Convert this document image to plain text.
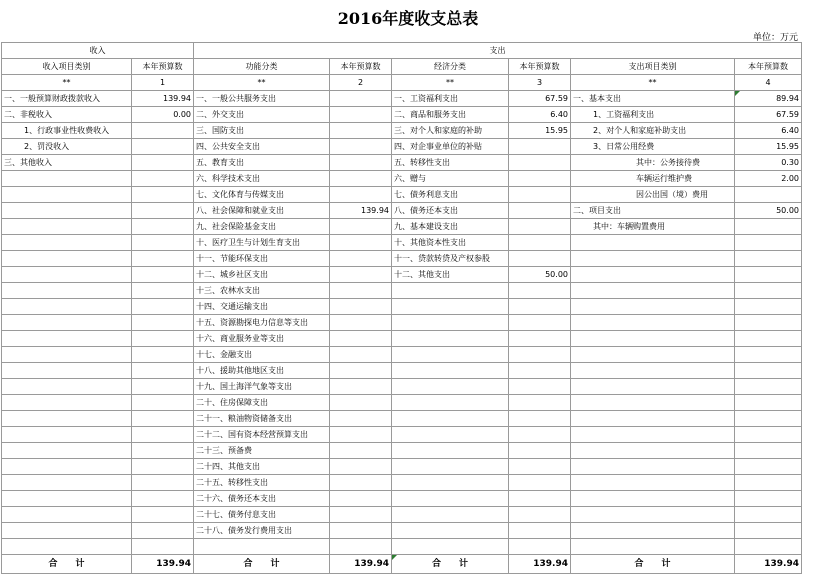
2016年度收支总表
单位：万元
收入		支出					
收入项目类别	本年预算数	功能分类	本年预算数	经济分类	本年预算数	支出项目类别	本年预算数
**	1	**	2	**	3	**	4
一、一般预算财政拨款收入	139.94	一、一般公共服务支出		一、工资福利支出	67.59	一、基本支出	89.94
二、非税收入	0.00	二、外交支出		二、商品和服务支出	6.40	1、工资福利支出	67.59
1、行政事业性收费收入		三、国防支出		三、对个人和家庭的补助	15.95	2、对个人和家庭补助支出	6.40
2、罚没收入		四、公共安全支出		四、对企事业单位的补贴		3、日常公用经费	15.95
三、其他收入		五、教育支出		五、转移性支出		其中：公务接待费	0.30
		六、科学技术支出		六、赠与		车辆运行维护费	2.00
		七、文化体育与传媒支出		七、债务利息支出		因公出国（境）费用	
		八、社会保障和就业支出	139.94	八、债务还本支出		二、项目支出	50.00
		九、社会保险基金支出		九、基本建设支出		其中：车辆购置费用	
		十、医疗卫生与计划生育支出		十、其他资本性支出			
		十一、节能环保支出		十一、贷款转贷及产权参股			
		十二、城乡社区支出		十二、其他支出	50.00		
		十三、农林水支出					
		十四、交通运输支出					
		十五、资源勘探电力信息等支出					
		十六、商业服务业等支出					
		十七、金融支出					
		十八、援助其他地区支出					
		十九、国土海洋气象等支出					
		二十、住房保障支出					
		二十一、粮油物资储备支出					
		二十二、国有资本经营预算支出					
		二十三、预备费					
		二十四、其他支出					
		二十五、转移性支出					
		二十六、债务还本支出					
		二十七、债务付息支出					
		二十八、债务发行费用支出					

合　　计	139.94	合　　计	139.94	合　　计	139.94	合　　计	139.94
